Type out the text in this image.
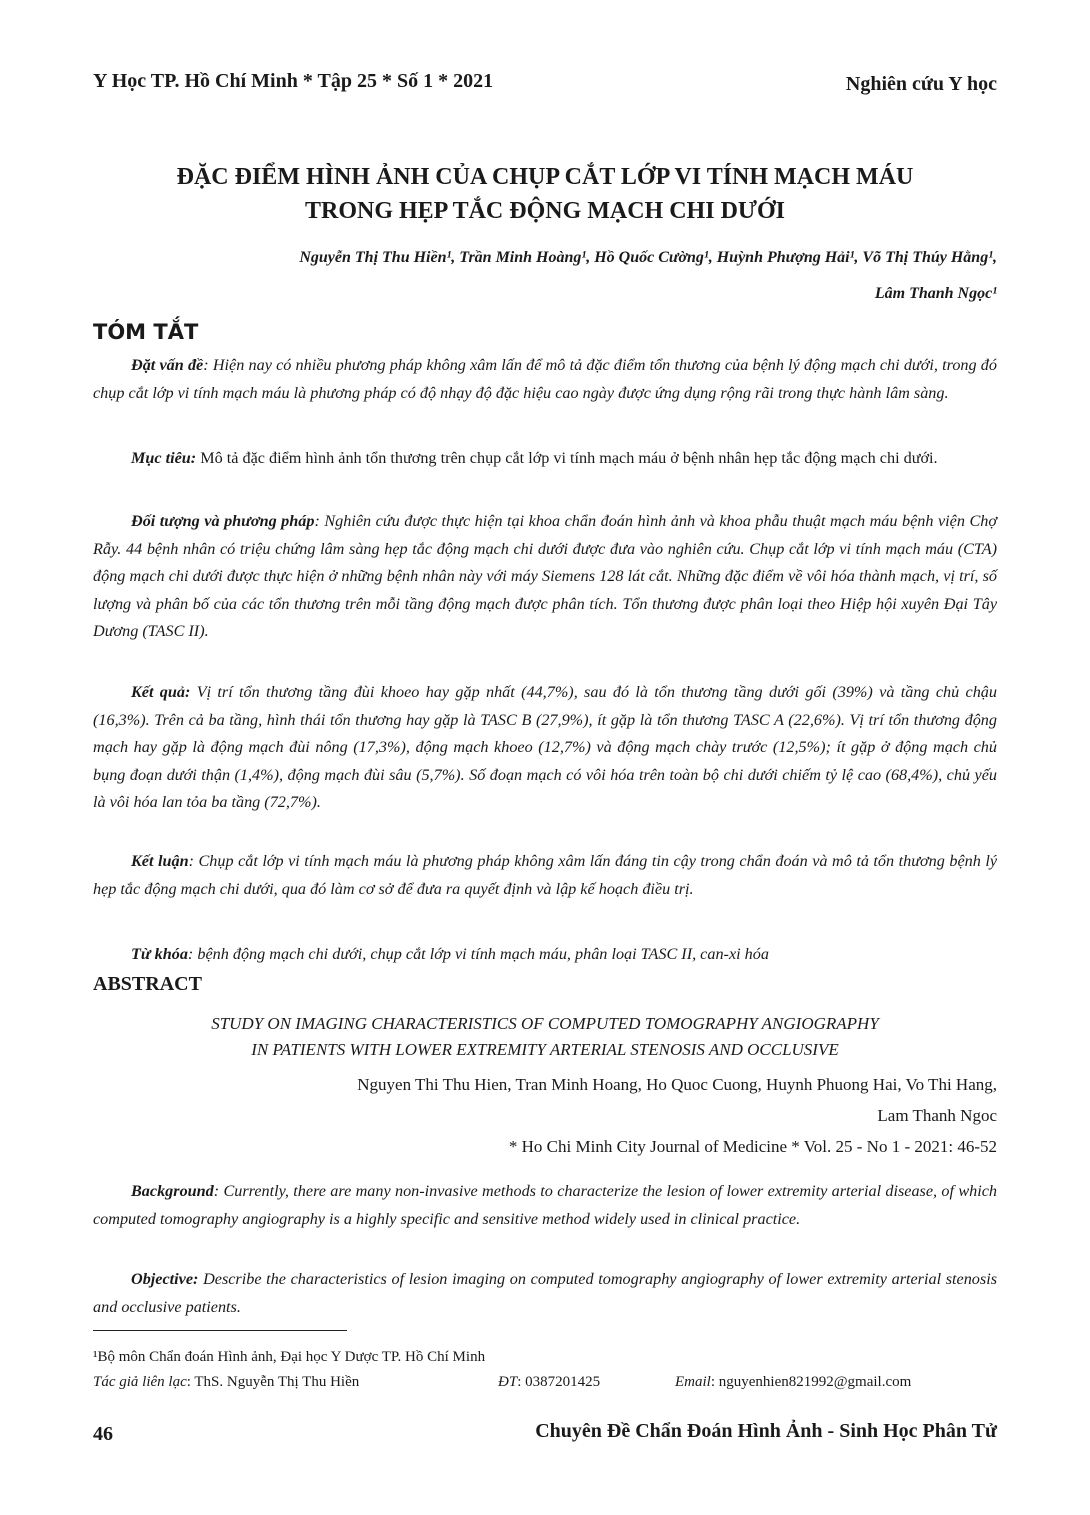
Y Học TP. Hồ Chí Minh * Tập 25 * Số 1 * 2021	Nghiên cứu Y học
ĐẶC ĐIỂM HÌNH ẢNH CỦA CHỤP CẮT LỚP VI TÍNH MẠCH MÁU
TRONG HẸP TẮC ĐỘNG MẠCH CHI DƯỚI
Nguyễn Thị Thu Hiền¹, Trần Minh Hoàng¹, Hồ Quốc Cường¹, Huỳnh Phượng Hải¹, Võ Thị Thúy Hằng¹,
Lâm Thanh Ngọc¹
TÓM TẮT
Đặt vấn đề: Hiện nay có nhiều phương pháp không xâm lấn để mô tả đặc điểm tổn thương của bệnh lý động mạch chi dưới, trong đó chụp cắt lớp vi tính mạch máu là phương pháp có độ nhạy độ đặc hiệu cao ngày được ứng dụng rộng rãi trong thực hành lâm sàng.
Mục tiêu: Mô tả đặc điểm hình ảnh tổn thương trên chụp cắt lớp vi tính mạch máu ở bệnh nhân hẹp tắc động mạch chi dưới.
Đối tượng và phương pháp: Nghiên cứu được thực hiện tại khoa chẩn đoán hình ảnh và khoa phẫu thuật mạch máu bệnh viện Chợ Rẫy. 44 bệnh nhân có triệu chứng lâm sàng hẹp tắc động mạch chi dưới được đưa vào nghiên cứu. Chụp cắt lớp vi tính mạch máu (CTA) động mạch chi dưới được thực hiện ở những bệnh nhân này với máy Siemens 128 lát cắt. Những đặc điểm về vôi hóa thành mạch, vị trí, số lượng và phân bố của các tổn thương trên mỗi tầng động mạch được phân tích. Tổn thương được phân loại theo Hiệp hội xuyên Đại Tây Dương (TASC II).
Kết quả: Vị trí tổn thương tầng đùi khoeo hay gặp nhất (44,7%), sau đó là tổn thương tầng dưới gối (39%) và tầng chủ chậu (16,3%). Trên cả ba tầng, hình thái tổn thương hay gặp là TASC B (27,9%), ít gặp là tổn thương TASC A (22,6%). Vị trí tổn thương động mạch hay gặp là động mạch đùi nông (17,3%), động mạch khoeo (12,7%) và động mạch chày trước (12,5%); ít gặp ở động mạch chủ bụng đoạn dưới thận (1,4%), động mạch đùi sâu (5,7%). Số đoạn mạch có vôi hóa trên toàn bộ chi dưới chiếm tỷ lệ cao (68,4%), chủ yếu là vôi hóa lan tỏa ba tầng (72,7%).
Kết luận: Chụp cắt lớp vi tính mạch máu là phương pháp không xâm lấn đáng tin cậy trong chẩn đoán và mô tả tổn thương bệnh lý hẹp tắc động mạch chi dưới, qua đó làm cơ sở để đưa ra quyết định và lập kế hoạch điều trị.
Từ khóa: bệnh động mạch chi dưới, chụp cắt lớp vi tính mạch máu, phân loại TASC II, can-xi hóa
ABSTRACT
STUDY ON IMAGING CHARACTERISTICS OF COMPUTED TOMOGRAPHY ANGIOGRAPHY
IN PATIENTS WITH LOWER EXTREMITY ARTERIAL STENOSIS AND OCCLUSIVE
Nguyen Thi Thu Hien, Tran Minh Hoang, Ho Quoc Cuong, Huynh Phuong Hai, Vo Thi Hang,
Lam Thanh Ngoc
* Ho Chi Minh City Journal of Medicine * Vol. 25 - No 1 - 2021: 46-52
Background: Currently, there are many non-invasive methods to characterize the lesion of lower extremity arterial disease, of which computed tomography angiography is a highly specific and sensitive method widely used in clinical practice.
Objective: Describe the characteristics of lesion imaging on computed tomography angiography of lower extremity arterial stenosis and occlusive patients.
¹Bộ môn Chẩn đoán Hình ảnh, Đại học Y Dược TP. Hồ Chí Minh
Tác giả liên lạc: ThS. Nguyễn Thị Thu Hiền	ĐT: 0387201425	Email: nguyenhien821992@gmail.com
46	Chuyên Đề Chẩn Đoán Hình Ảnh - Sinh Học Phân Tử
